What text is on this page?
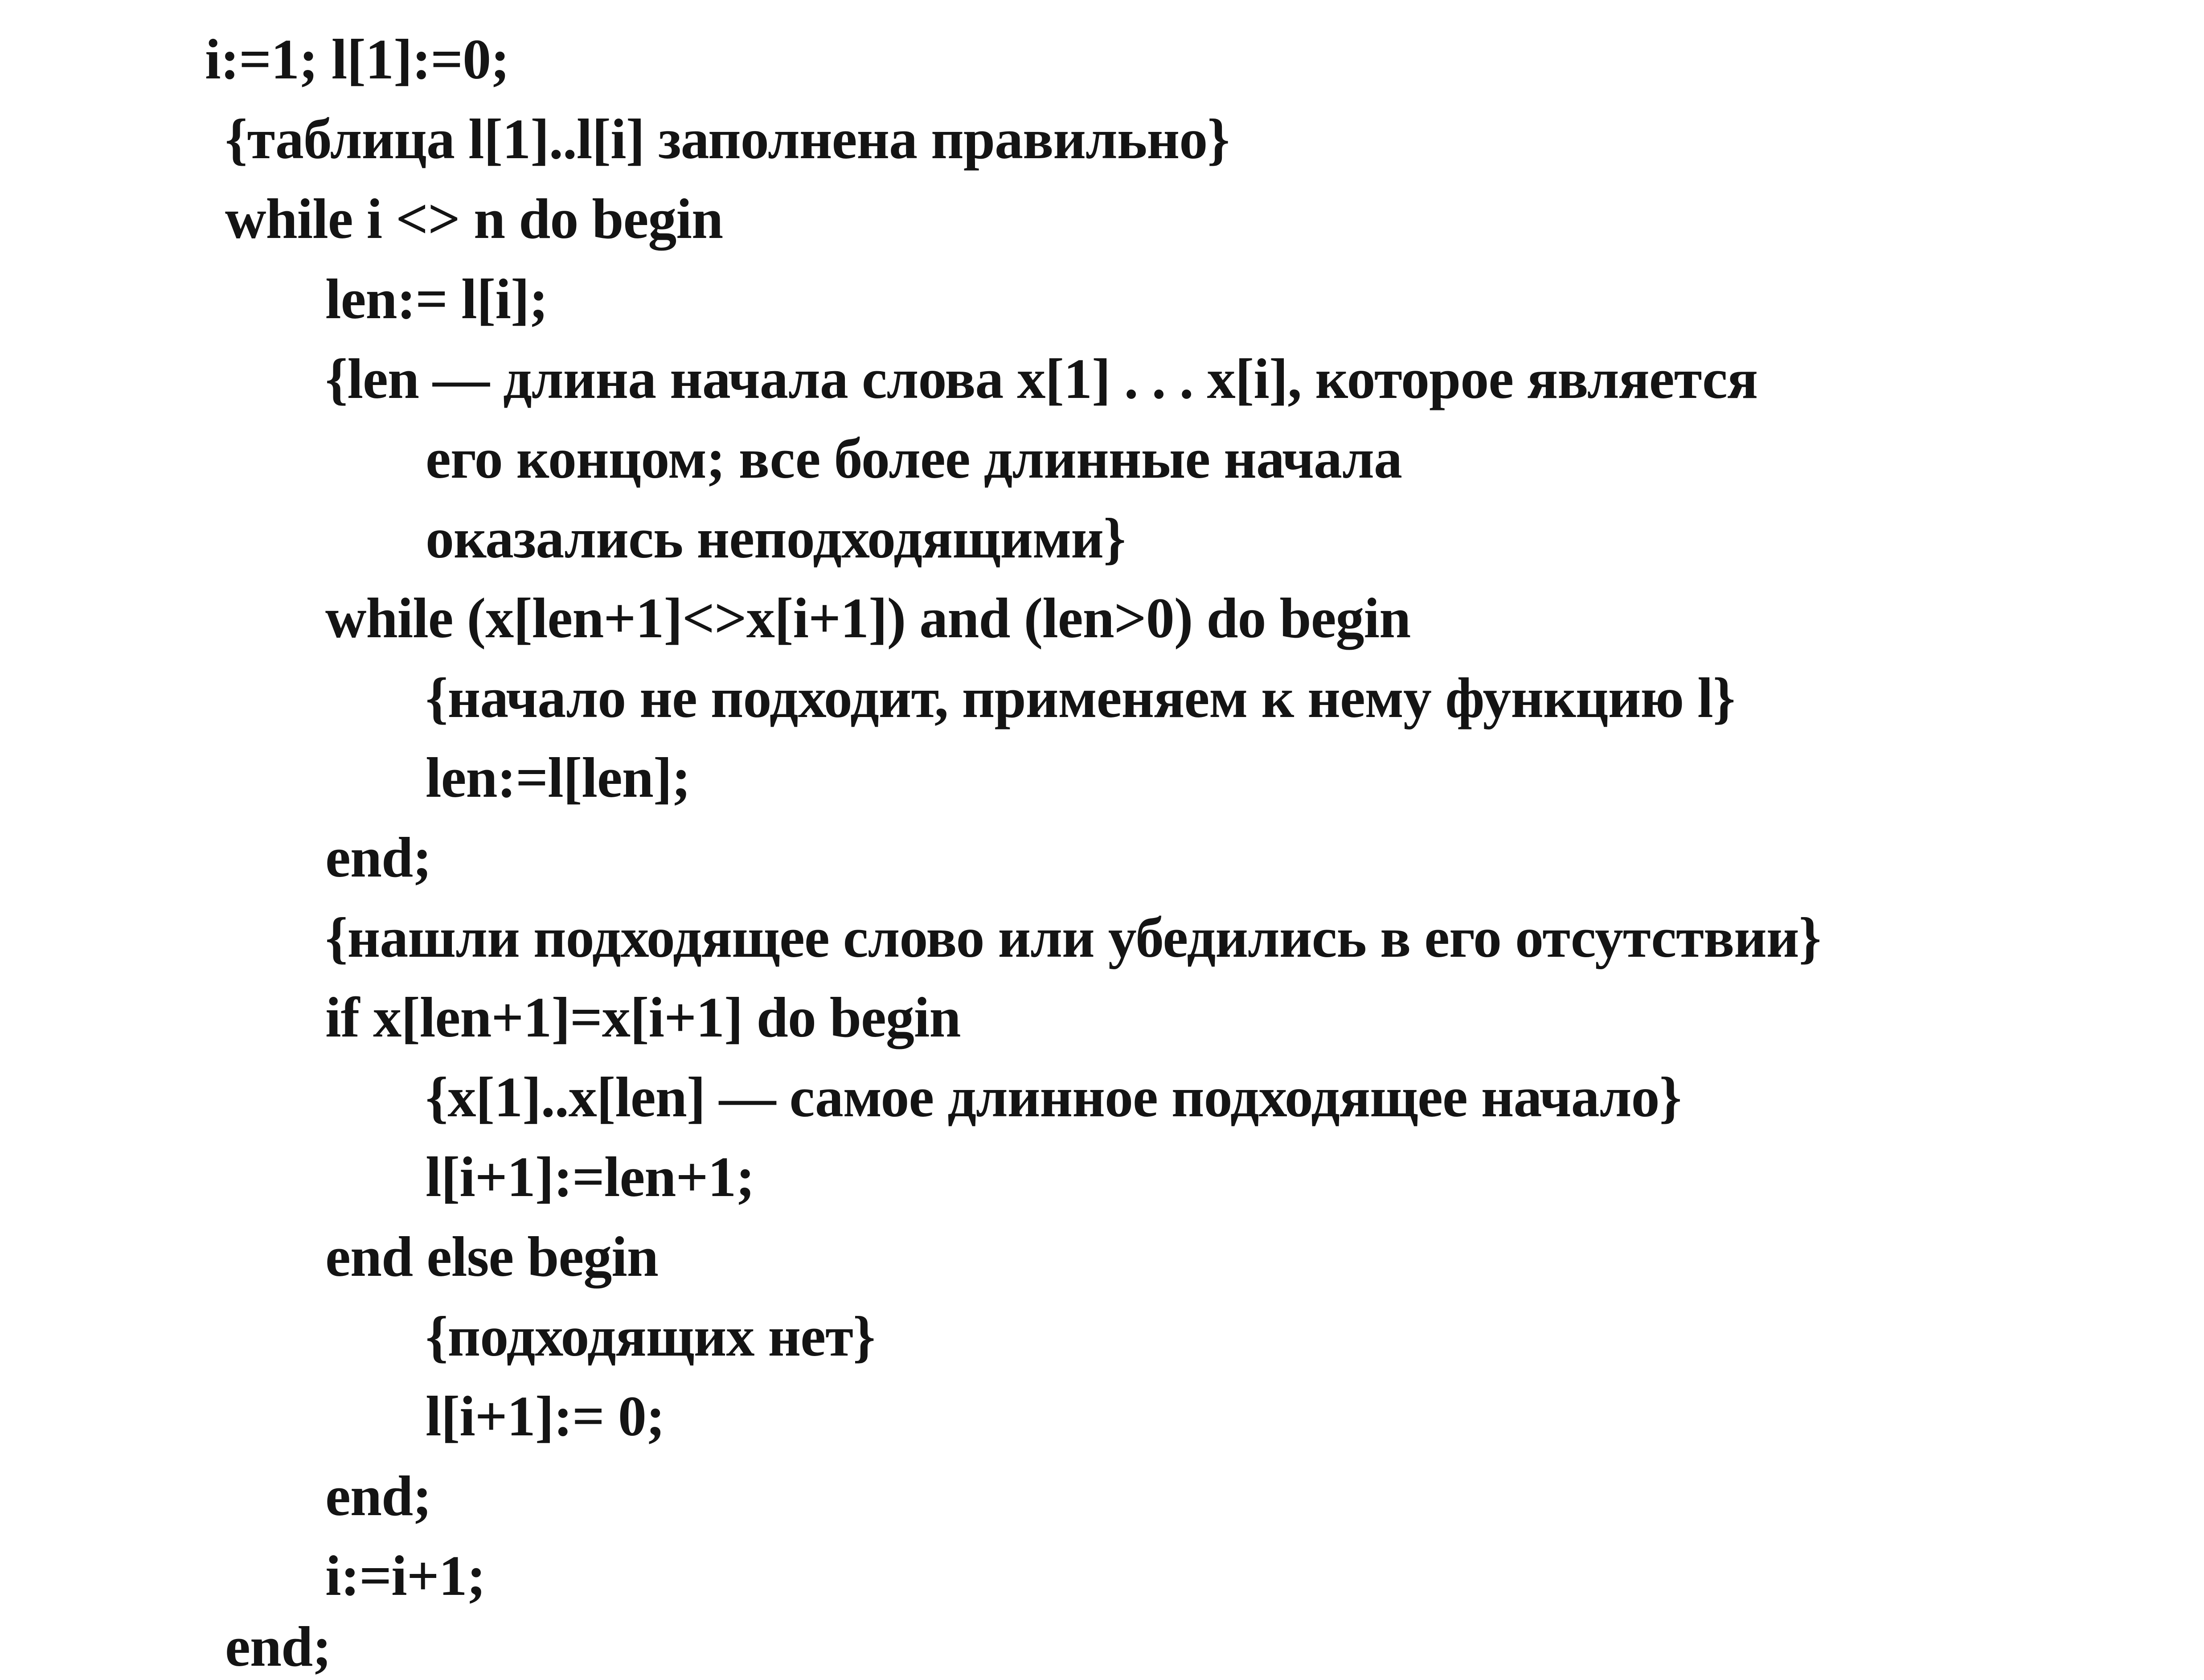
i:=1; l[1]:=0;
{таблица l[1]..l[i] заполнена правильно}
while i <> n do begin
len:= l[i];
{len — длина начала слова x[1] . . . x[i], которое является
его концом; все более длинные начала
оказались неподходящими}
while (x[len+1]<>x[i+1]) and (len>0) do begin
{начало не подходит, применяем к нему функцию l}
len:=l[len];
end;
{нашли подходящее слово или убедились в его отсутствии}
if x[len+1]=x[i+1] do begin
{x[1]..x[len] — самое длинное подходящее начало}
l[i+1]:=len+1;
end else begin
{подходящих нет}
l[i+1]:= 0;
end;
i:=i+1;
end;
